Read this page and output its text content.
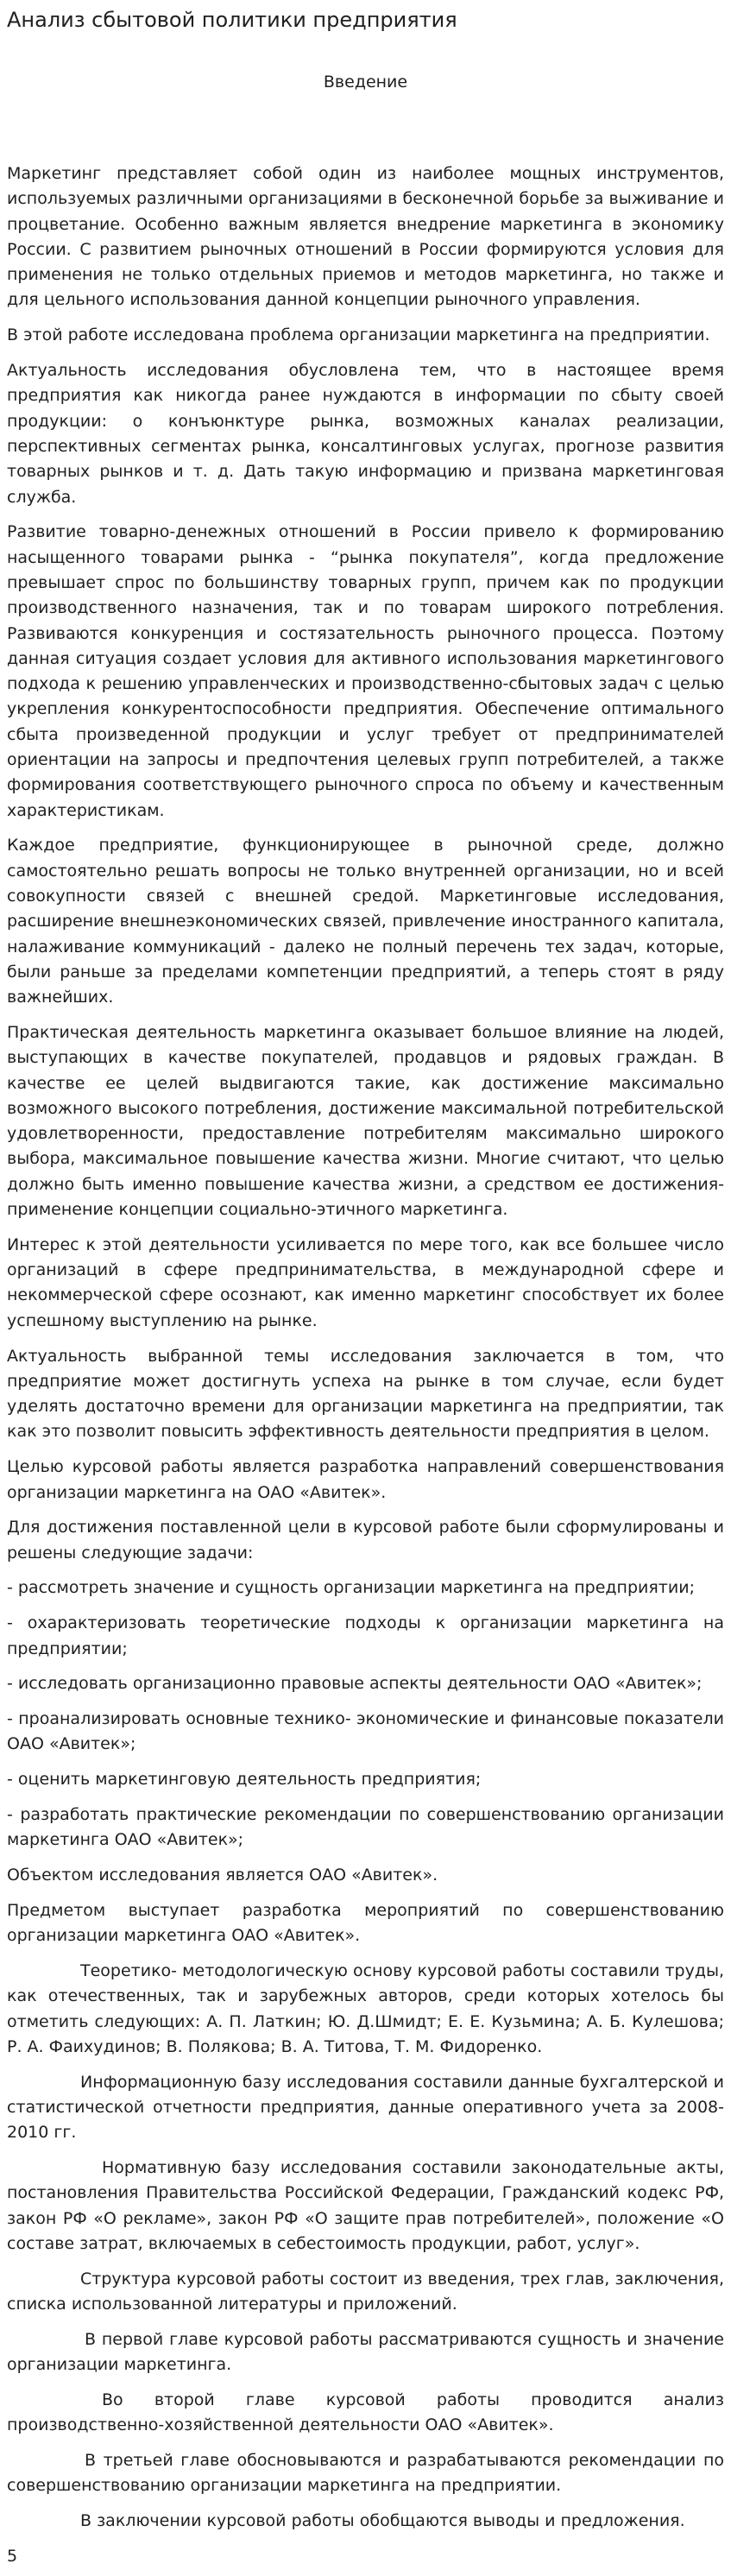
Анализ сбытовой политики предприятия
Введение

Маркетинг представляет собой один из наиболее мощных инструментов, используемых различными организациями в бесконечной борьбе за выживание и процветание. Особенно важным является внедрение маркетинга в экономику России. С развитием рыночных отношений в России формируются условия для применения не только отдельных приемов и методов маркетинга, но также и для цельного использования данной концепции рыночного управления.

В этой работе исследована проблема организации маркетинга на предприятии.

Актуальность исследования обусловлена тем, что в настоящее время предприятия как никогда ранее нуждаются в информации по сбыту своей продукции: о конъюнктуре рынка, возможных каналах реализации, перспективных сегментах рынка, консалтинговых услугах, прогнозе развития товарных рынков и т. д. Дать такую информацию и призвана маркетинговая служба.

Развитие товарно-денежных отношений в России привело к формированию насыщенного товарами рынка - “рынка покупателя”, когда предложение превышает спрос по большинству товарных групп, причем как по продукции производственного назначения, так и по товарам широкого потребления. Развиваются конкуренция и состязательность рыночного процесса. Поэтому данная ситуация создает условия для активного использования маркетингового подхода к решению управленческих и производственно-сбытовых задач с целью укрепления конкурентоспособности предприятия. Обеспечение оптимального сбыта произведенной продукции и услуг требует от предпринимателей ориентации на запросы и предпочтения целевых групп потребителей, а также формирования соответствующего рыночного спроса по объему и качественным характеристикам.

Каждое предприятие, функционирующее в рыночной среде, должно самостоятельно решать вопросы не только внутренней организации, но и всей совокупности связей с внешней средой. Маркетинговые исследования, расширение внешнеэкономических связей, привлечение иностранного капитала, налаживание коммуникаций - далеко не полный перечень тех задач, которые, были раньше за пределами компетенции предприятий, а теперь стоят в ряду важнейших.

Практическая деятельность маркетинга оказывает большое влияние на людей, выступающих в качестве покупателей, продавцов и рядовых граждан. В качестве ее целей выдвигаются такие, как достижение максимально возможного высокого потребления, достижение максимальной потребительской удовлетворенности, предоставление потребителям максимально широкого выбора, максимальное повышение качества жизни. Многие считают, что целью должно быть именно повышение качества жизни, а средством ее достижения-применение концепции социально-этичного маркетинга.

Интерес к этой деятельности усиливается по мере того, как все большее число организаций в сфере предпринимательства, в международной сфере и некоммерческой сфере осознают, как именно маркетинг способствует их более успешному выступлению на рынке.

Актуальность выбранной темы исследования заключается в том, что предприятие может достигнуть успеха на рынке в том случае, если будет уделять достаточно времени для организации маркетинга на предприятии, так как это позволит повысить эффективность деятельности предприятия в целом.

Целью курсовой работы является разработка направлений совершенствования организации маркетинга на ОАО «Авитек».

Для достижения поставленной цели в курсовой работе были сформулированы и решены следующие задачи:

- рассмотреть значение и сущность организации маркетинга на предприятии;

- охарактеризовать теоретические подходы к организации маркетинга на предприятии;

- исследовать организационно правовые аспекты деятельности ОАО «Авитек»;

- проанализировать основные технико- экономические и финансовые показатели ОАО «Авитек»;

- оценить маркетинговую деятельность предприятия;

- разработать практические рекомендации по совершенствованию организации маркетинга ОАО «Авитек»;

Объектом исследования является ОАО «Авитек».

Предметом выступает разработка мероприятий по совершенствованию организации маркетинга ОАО «Авитек».

Теоретико- методологическую основу курсовой работы составили труды, как отечественных, так и зарубежных авторов, среди которых хотелось бы отметить следующих: А. П. Латкин; Ю. Д.Шмидт; Е. Е. Кузьмина; А. Б. Кулешова; Р. А. Фаихудинов; В. Полякова; В. А. Титова, Т. М. Фидоренко.

Информационную базу исследования составили данные бухгалтерской и статистической отчетности предприятия, данные оперативного учета за 2008-2010 гг.

Нормативную базу исследования составили законодательные акты, постановления Правительства Российской Федерации, Гражданский кодекс РФ, закон РФ «О рекламе», закон РФ «О защите прав потребителей», положение «О составе затрат, включаемых в себестоимость продукции, работ, услуг».

Структура курсовой работы состоит из введения, трех глав, заключения, списка использованной литературы и приложений.

В первой главе курсовой работы рассматриваются сущность и значение организации маркетинга.

Во второй главе курсовой работы проводится анализ производственно-хозяйственной деятельности ОАО «Авитек».

В третьей главе обосновываются и разрабатываются рекомендации по совершенствованию организации маркетинга на предприятии.

В заключении курсовой работы обобщаются выводы и предложения.

5
